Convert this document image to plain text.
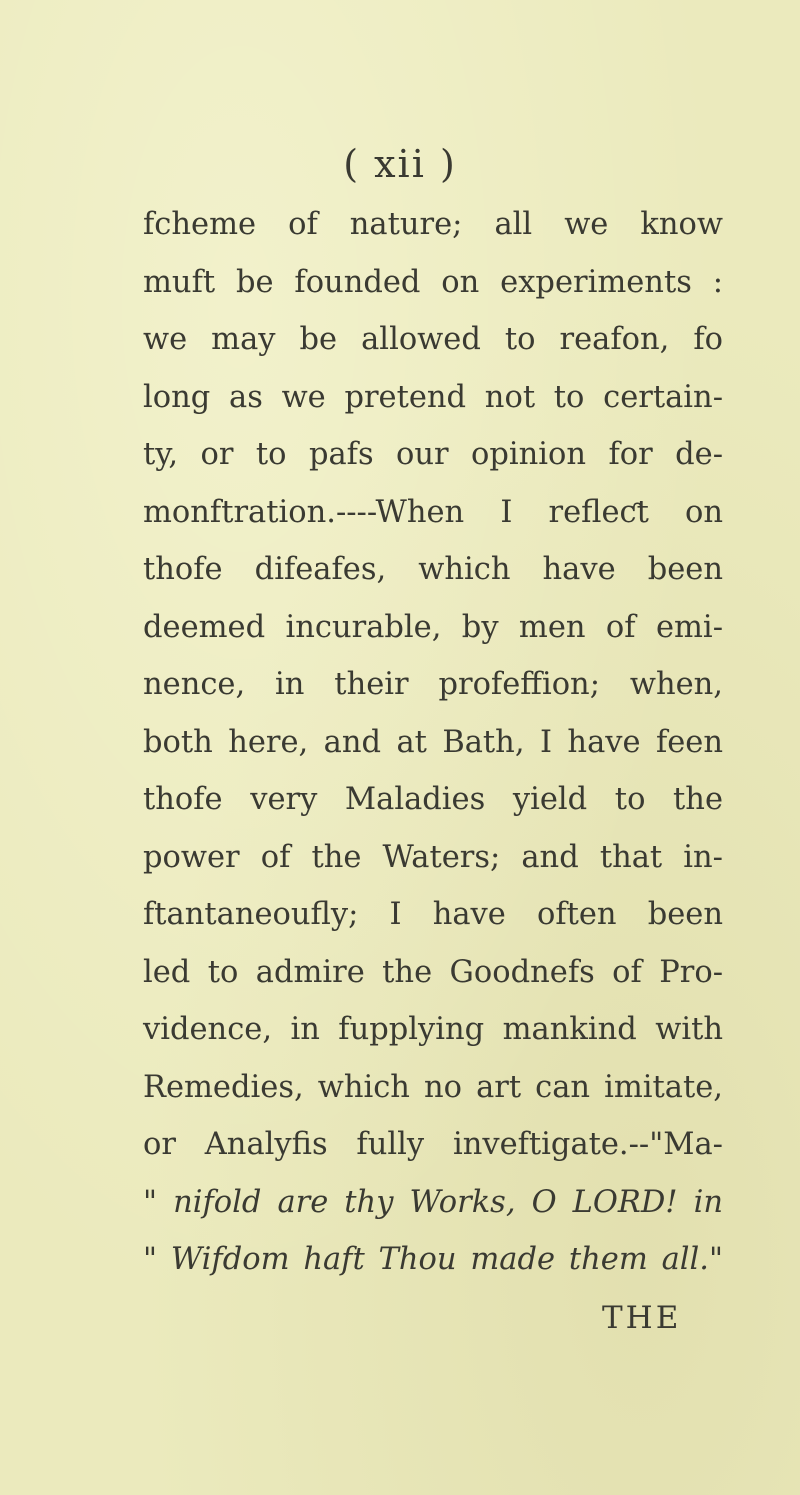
( xii )
fcheme of nature; all we know
muft be founded on experiments :
we may be allowed to reafon, fo
long as we pretend not to certain-
ty, or to pafs our opinion for de-
monftration.----When I refleƈt on
thofe difeafes, which have been
deemed incurable, by men of emi-
nence, in their profeffion; when,
both here, and at Bath, I have feen
thofe very Maladies yield to the
power of the Waters; and that in-
ftantaneoufly; I have often been
led to admire the Goodnefs of Pro-
vidence, in fupplying mankind with
Remedies, which no art can imitate,
or Analyfis fully inveftigate.--"Ma-
" nifold are thy Works, O LORD! in
" Wifdom haft Thou made them all."
THE
